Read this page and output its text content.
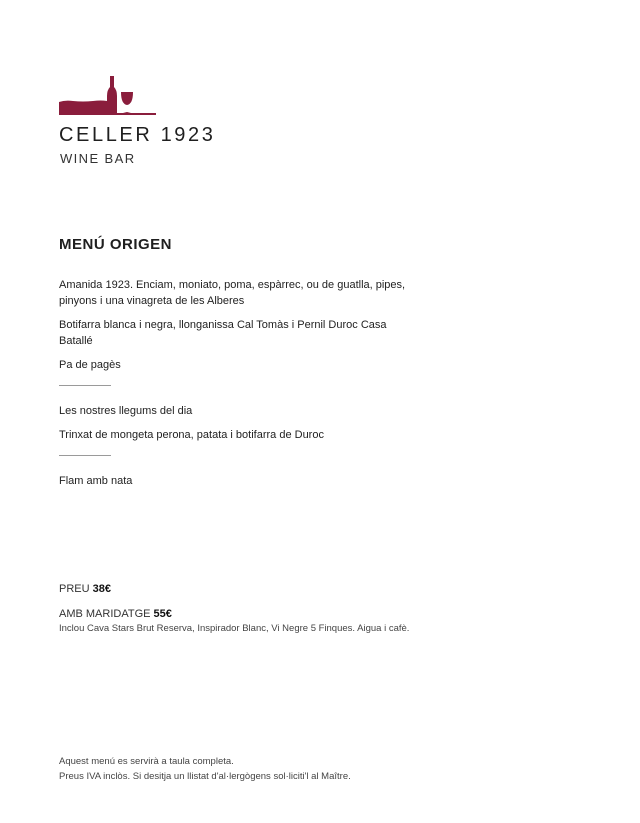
CELLER 1923
WINE BAR
MENÚ ORIGEN

Amanida 1923. Enciam, moniato, poma, espàrrec, ou de guatlla, pipes, pinyons i una vinagreta de les Alberes

Botifarra blanca i negra, llonganissa Cal Tomàs i Pernil Duroc Casa Batallé

Pa de pagès

Les nostres llegums del dia

Trinxat de mongeta perona, patata i botifarra de Duroc

Flam amb nata

PREU 38€
AMB MARIDATGE 55€
Inclou Cava Stars Brut Reserva, Inspirador Blanc, Vi Negre 5 Finques. Aigua i cafè.
Aquest menú es servirà a taula completa.
Preus IVA inclòs. Si desitja un llistat d'al·lergògens sol·liciti'l al Maître.
